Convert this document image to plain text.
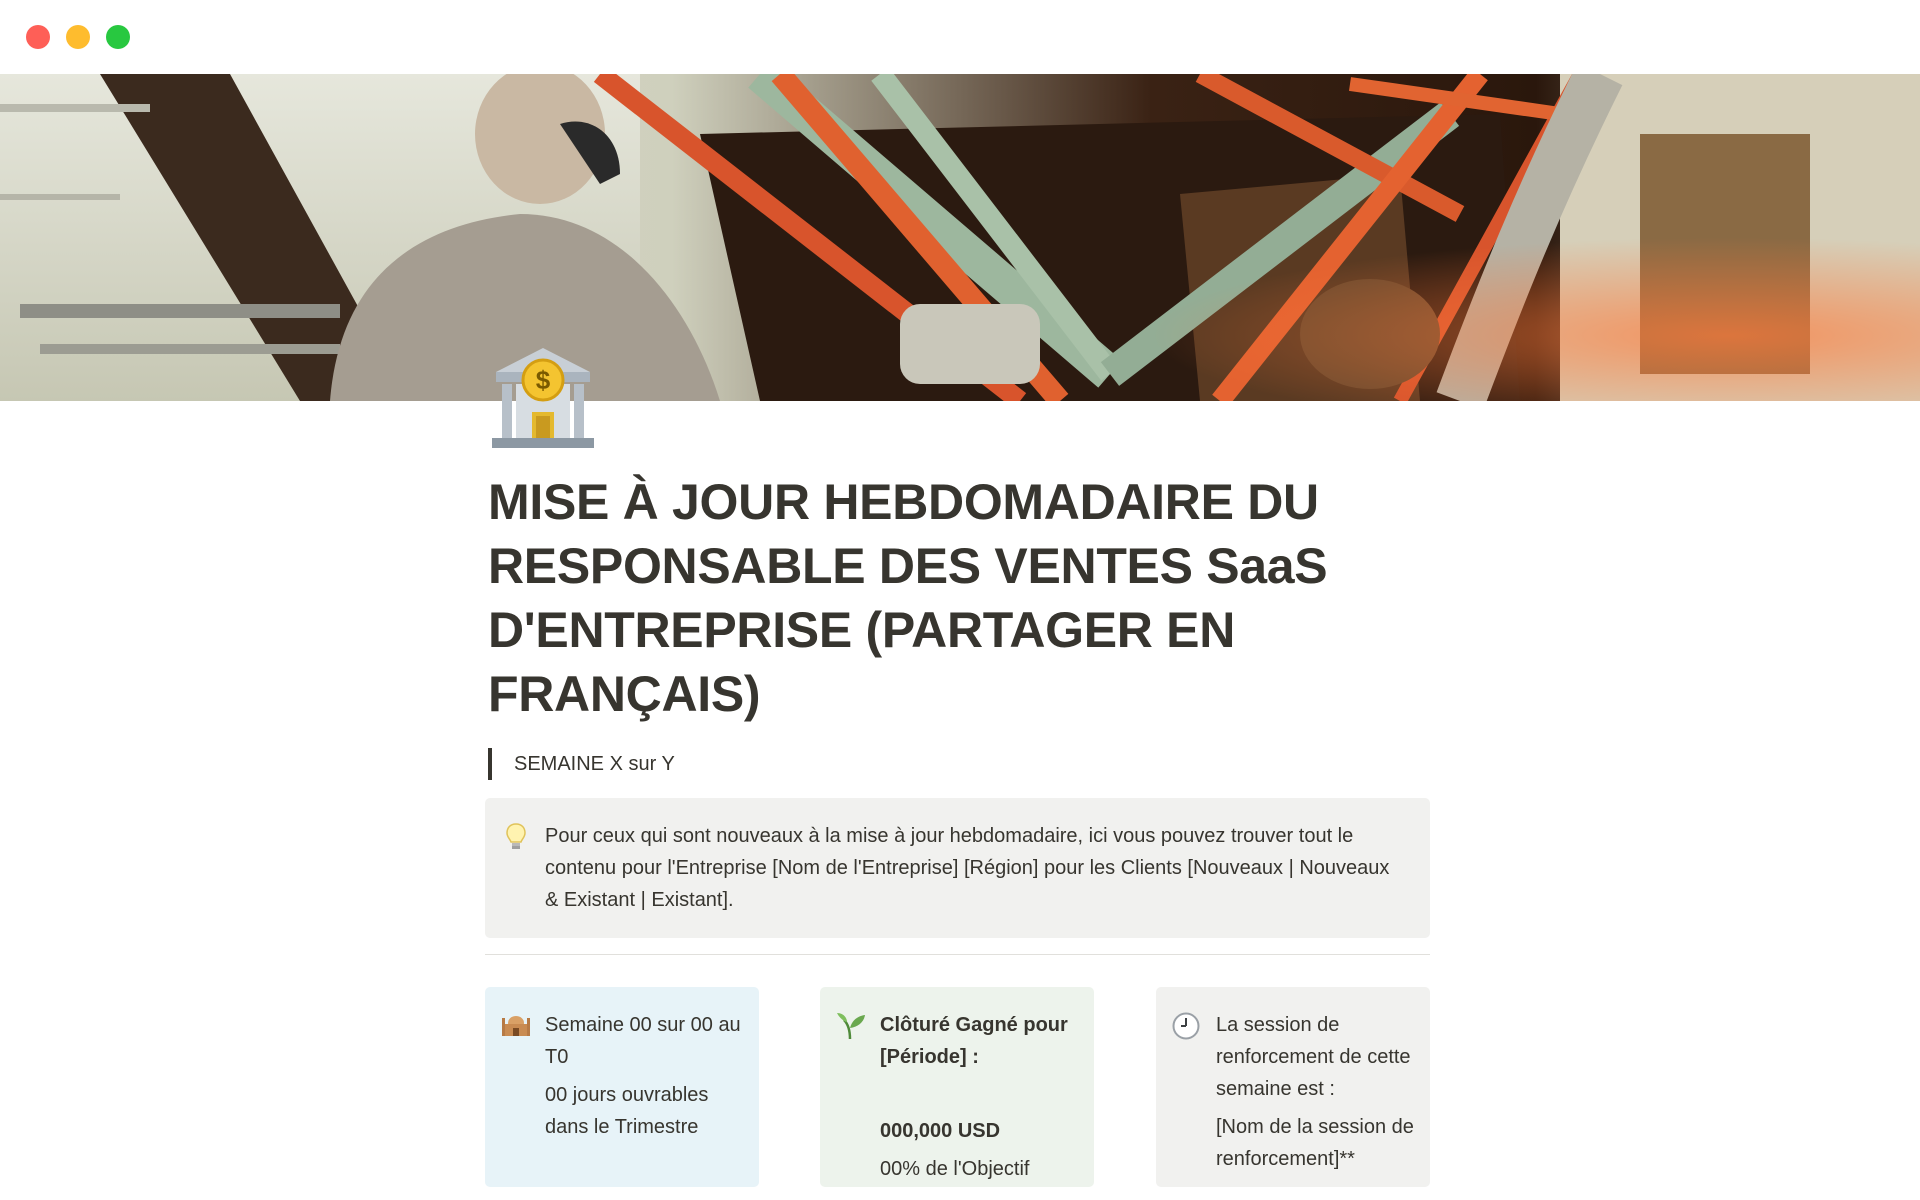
$
MISE À JOUR HEBDOMADAIRE DU RESPONSABLE DES VENTES SaaS D'ENTREPRISE (PARTAGER EN FRANÇAIS)
SEMAINE X sur Y
Pour ceux qui sont nouveaux à la mise à jour hebdomadaire, ici vous pouvez trouver tout le contenu pour l'Entreprise [Nom de l'Entreprise] [Région] pour les Clients [Nouveaux | Nouveaux & Existant | Existant].

Semaine 00 sur 00 au T0

00 jours ouvrables dans le Trimestre

Clôturé Gagné pour [Période] :

000,000 USD

00% de l'Objectif

La session de renforcement de cette semaine est :

[Nom de la session de renforcement]**
